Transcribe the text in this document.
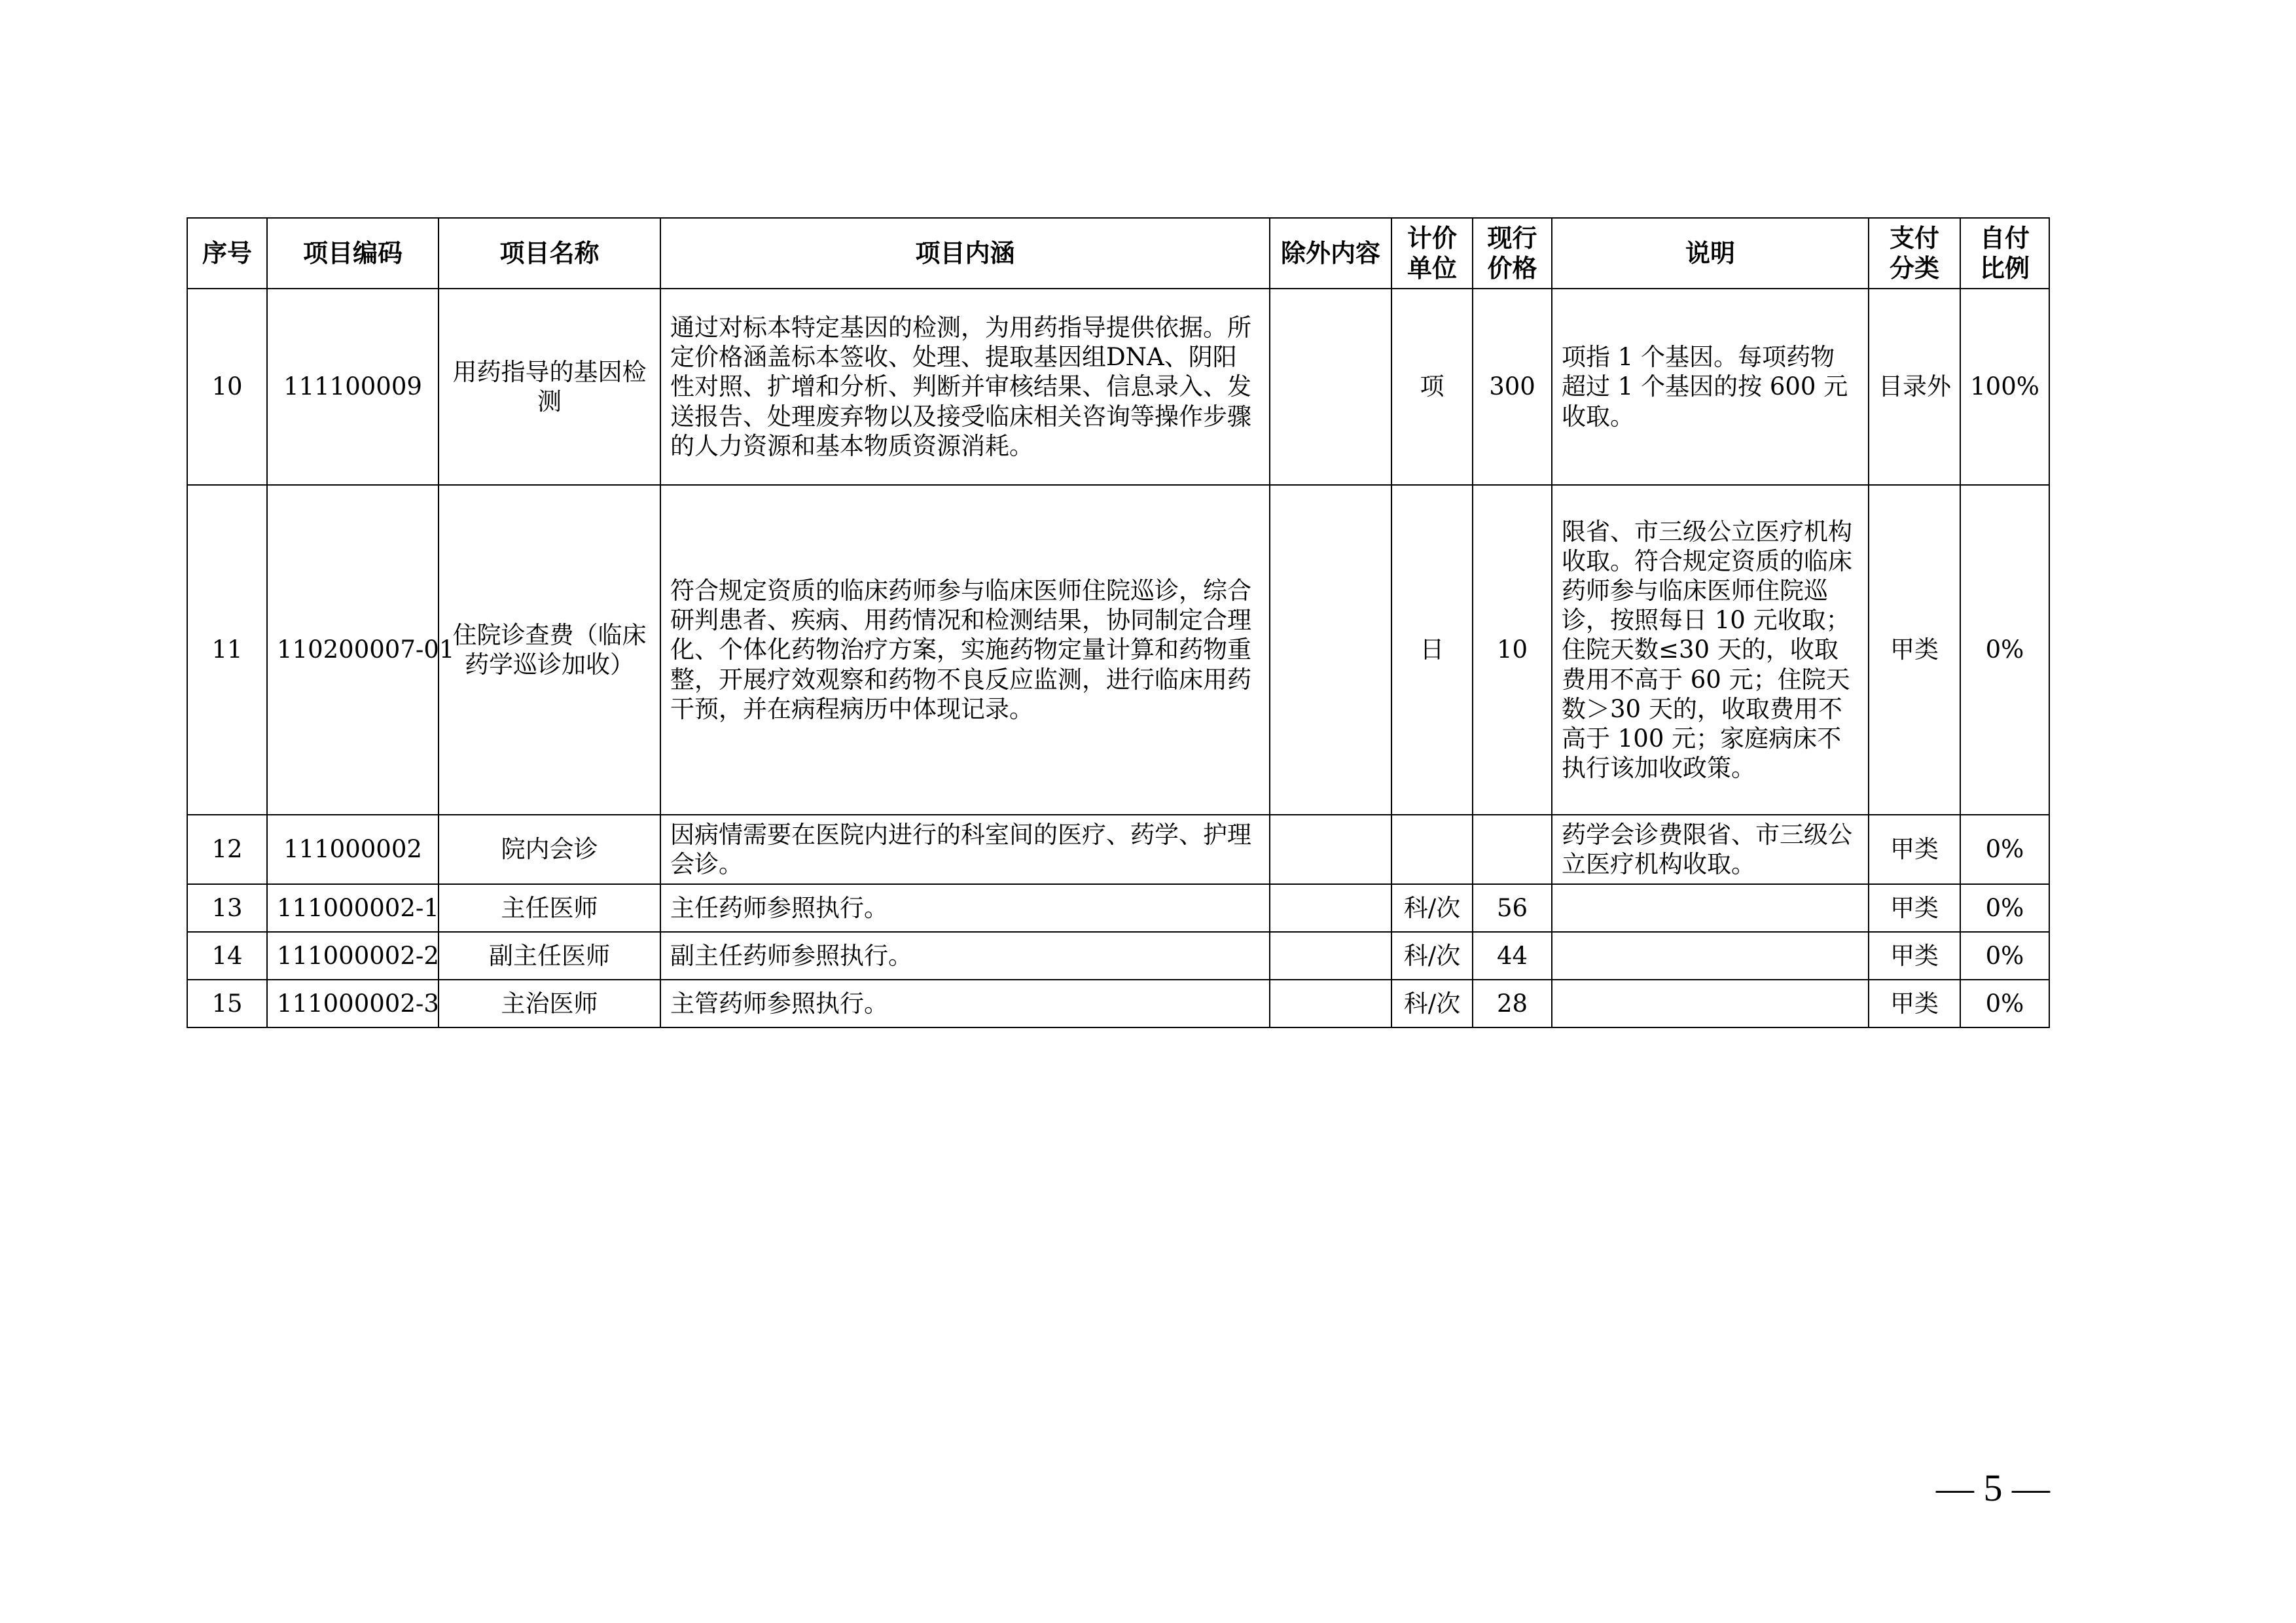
序号	项目编码	项目名称	项目内涵	除外内容	计价单位	现行价格	说明	支付分类	自付比例
10	111100009	用药指导的基因检测	通过对标本特定基因的检测，为用药指导提供依据。所定价格涵盖标本签收、处理、提取基因组DNA、阴阳性对照、扩增和分析、判断并审核结果、信息录入、发送报告、处理废弃物以及接受临床相关咨询等操作步骤的人力资源和基本物质资源消耗。		项	300	项指 1 个基因。每项药物超过 1 个基因的按 600 元收取。	目录外	100%
11	110200007-01	住院诊查费（临床药学巡诊加收）	符合规定资质的临床药师参与临床医师住院巡诊，综合研判患者、疾病、用药情况和检测结果，协同制定合理化、个体化药物治疗方案，实施药物定量计算和药物重整，开展疗效观察和药物不良反应监测，进行临床用药干预，并在病程病历中体现记录。		日	10	限省、市三级公立医疗机构收取。符合规定资质的临床药师参与临床医师住院巡诊，按照每日 10 元收取；住院天数≤30 天的，收取费用不高于 60 元；住院天数＞30 天的，收取费用不高于 100 元；家庭病床不执行该加收政策。	甲类	0%
12	111000002	院内会诊	因病情需要在医院内进行的科室间的医疗、药学、护理会诊。				药学会诊费限省、市三级公立医疗机构收取。	甲类	0%
13	111000002-1	主任医师	主任药师参照执行。		科/次	56		甲类	0%
14	111000002-2	副主任医师	副主任药师参照执行。		科/次	44		甲类	0%
15	111000002-3	主治医师	主管药师参照执行。		科/次	28		甲类	0%
— 5 —
